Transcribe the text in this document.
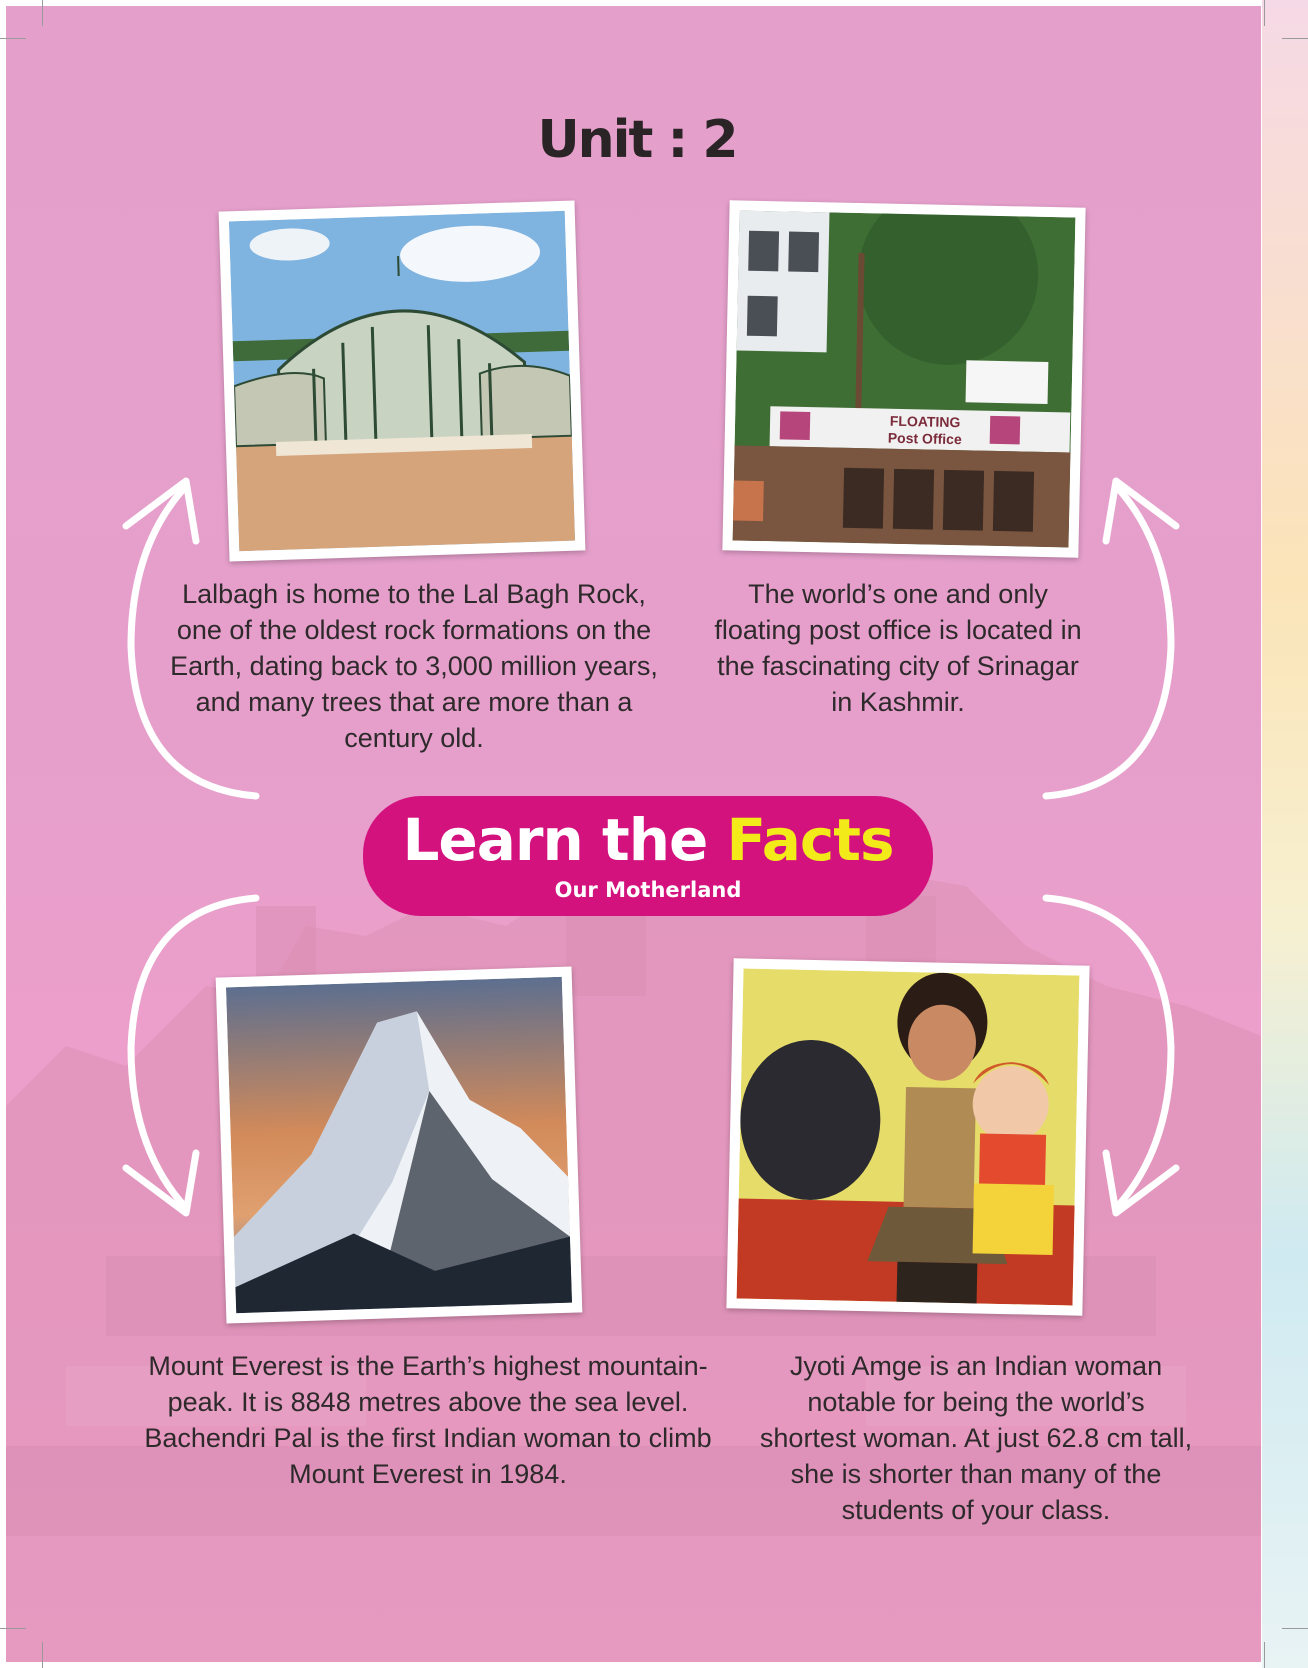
Unit : 2
FLOATING
Post Office
Lalbagh is home to the Lal Bagh Rock, one of the oldest rock formations on the Earth, dating back to 3,000 million years, and many trees that are more than a century old.
The world’s one and only floating post office is located in the fascinating city of Srinagar in Kashmir.
Mount Everest is the Earth’s highest mountain-peak. It is 8848 metres above the sea level. Bachendri Pal is the first Indian woman to climb Mount Everest in 1984.
Jyoti Amge is an Indian woman notable for being the world’s shortest woman. At just 62.8 cm tall, she is shorter than many of the students of your class.
Learn the Facts
Our Motherland
